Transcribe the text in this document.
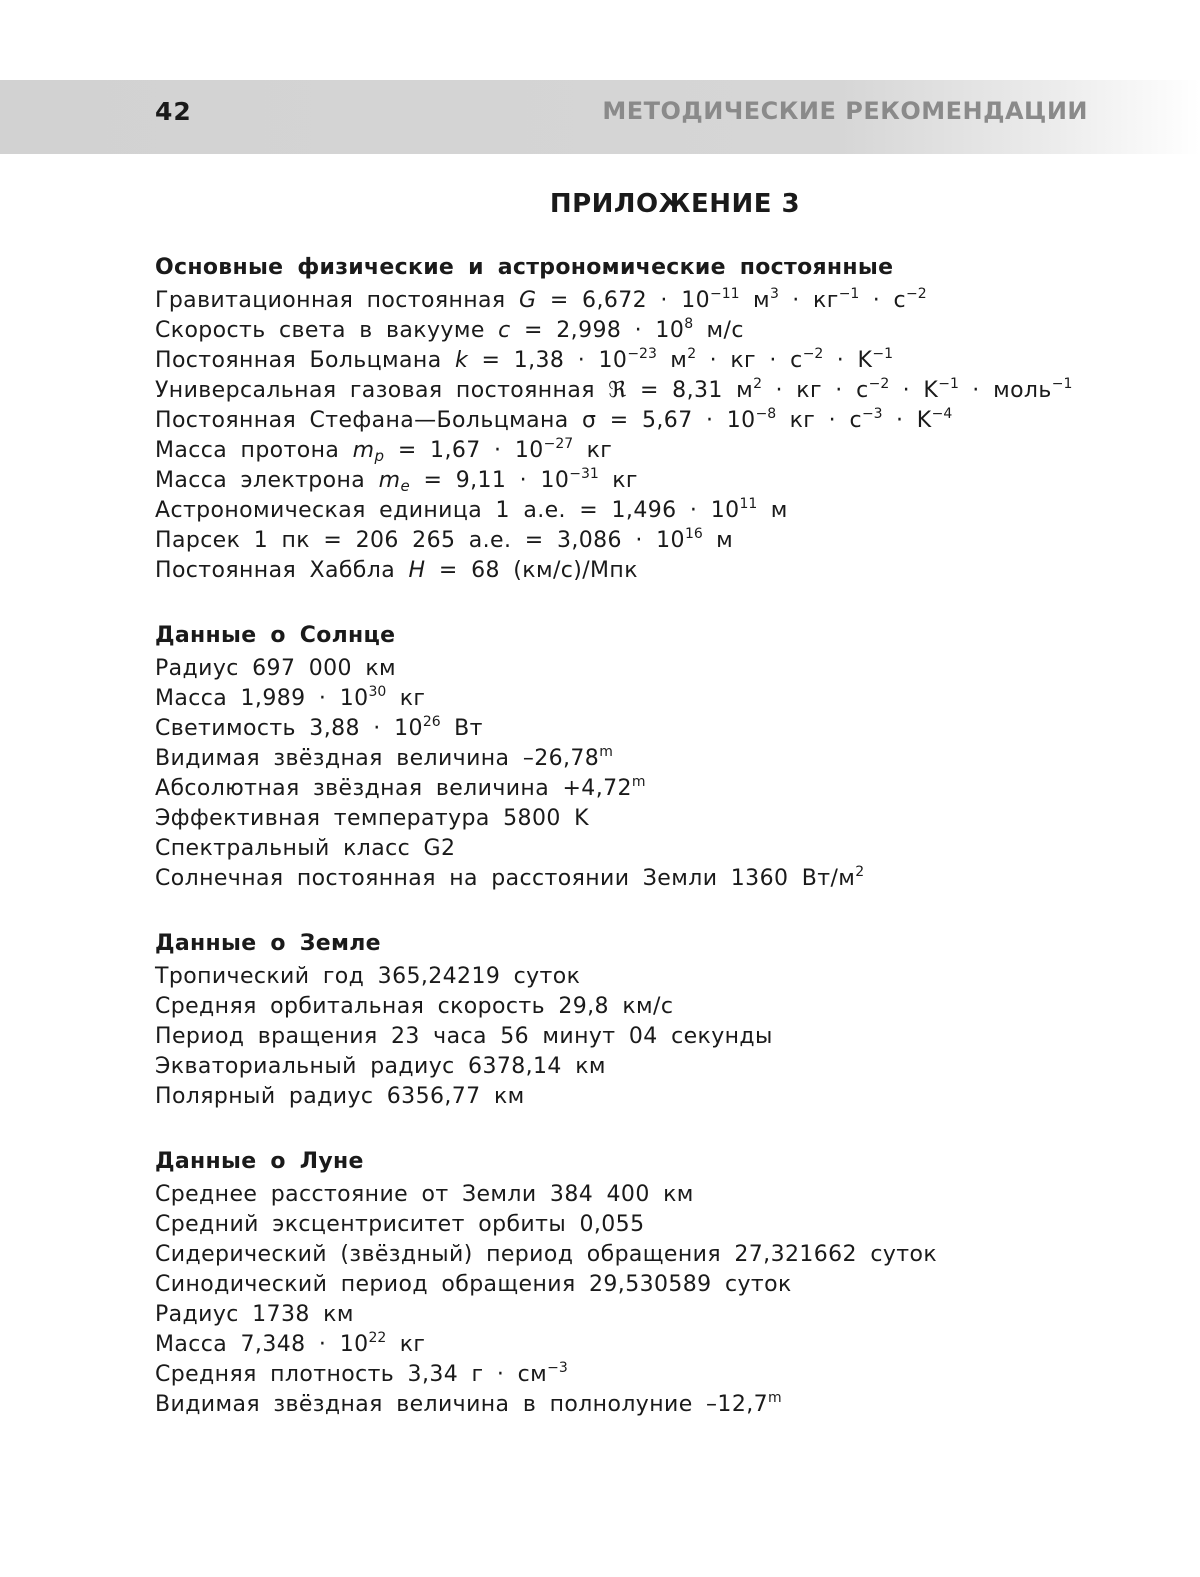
42	МЕТОДИЧЕСКИЕ РЕКОМЕНДАЦИИ
ПРИЛОЖЕНИЕ 3
Основные физические и астрономические постоянные
Гравитационная постоянная G = 6,672 · 10−11 м3 · кг−1 · с−2
Скорость света в вакууме c = 2,998 · 108 м/с
Постоянная Больцмана k = 1,38 · 10−23 м2 · кг · с−2 · K−1
Универсальная газовая постоянная ℜ = 8,31 м2 · кг · с−2 · K−1 · моль−1
Постоянная Стефана—Больцмана σ = 5,67 · 10−8 кг · с−3 · K−4
Масса протона mp = 1,67 · 10−27 кг
Масса электрона me = 9,11 · 10−31 кг
Астрономическая единица 1 а.е. = 1,496 · 1011 м
Парсек 1 пк = 206 265 а.е. = 3,086 · 1016 м
Постоянная Хаббла H = 68 (км/с)/Мпк
Данные о Солнце
Радиус 697 000 км
Масса 1,989 · 1030 кг
Светимость 3,88 · 1026 Вт
Видимая звёздная величина –26,78m
Абсолютная звёздная величина +4,72m
Эффективная температура 5800 K
Спектральный класс G2
Солнечная постоянная на расстоянии Земли 1360 Вт/м2
Данные о Земле
Тропический год 365,24219 суток
Средняя орбитальная скорость 29,8 км/с
Период вращения 23 часа 56 минут 04 секунды
Экваториальный радиус 6378,14 км
Полярный радиус 6356,77 км
Данные о Луне
Среднее расстояние от Земли 384 400 км
Средний эксцентриситет орбиты 0,055
Сидерический (звёздный) период обращения 27,321662 суток
Синодический период обращения 29,530589 суток
Радиус 1738 км
Масса 7,348 · 1022 кг
Средняя плотность 3,34 г · см−3
Видимая звёздная величина в полнолуние –12,7m
